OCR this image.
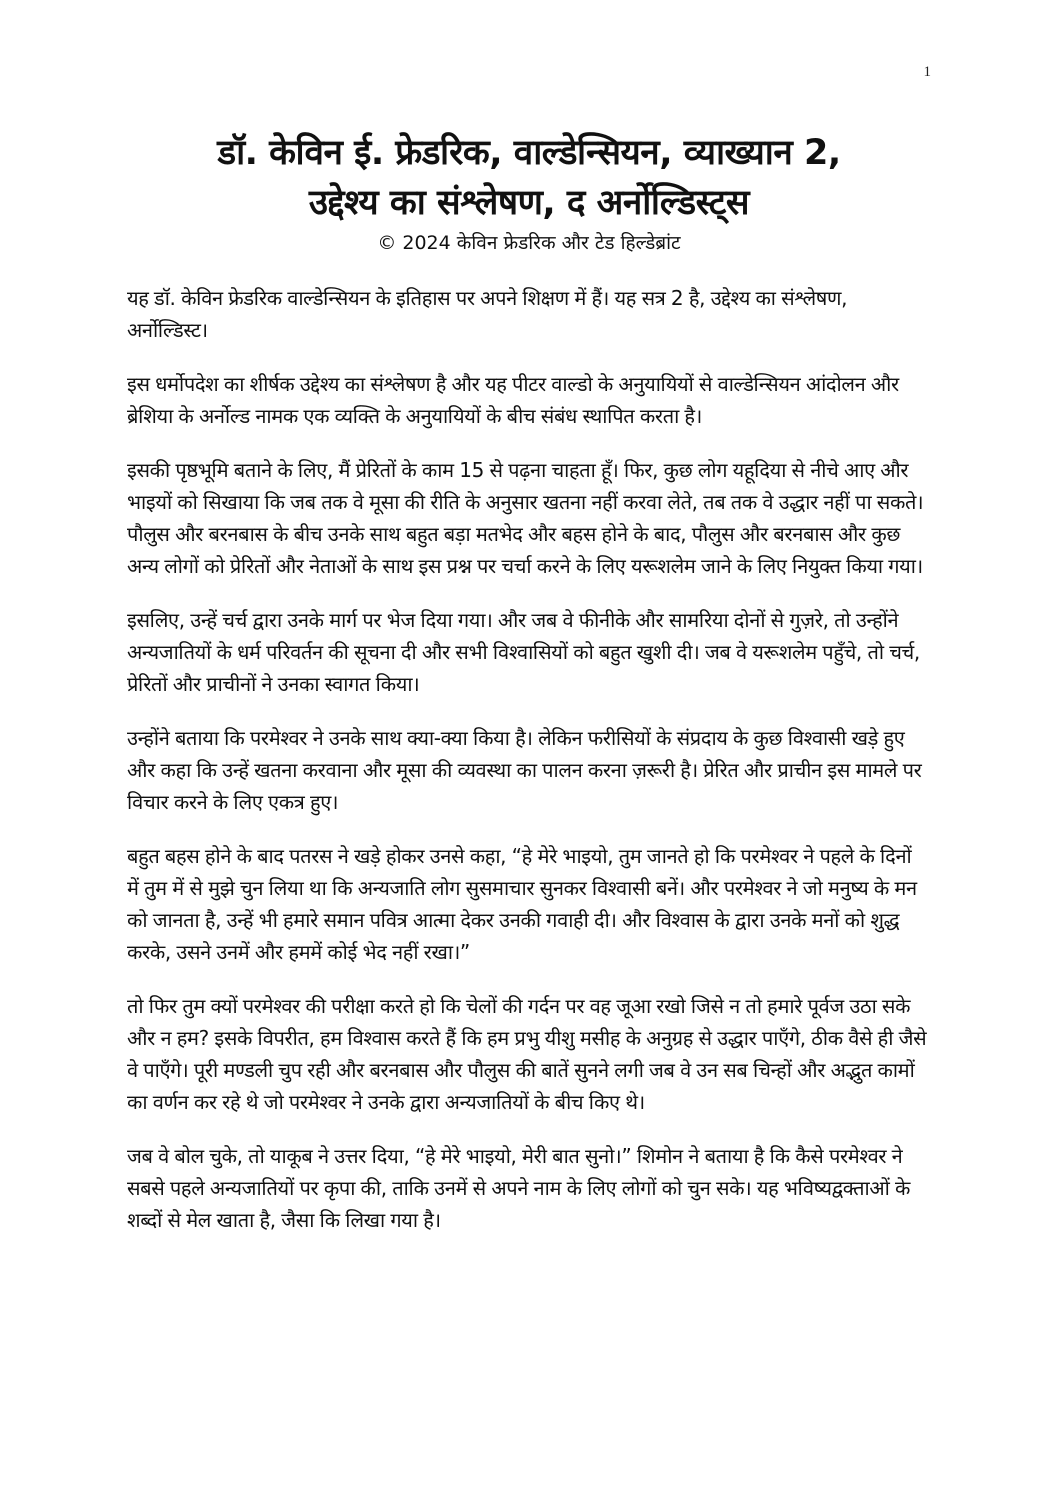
1
डॉ. केविन ई. फ्रेडरिक, वाल्डेन्सियन, व्याख्यान 2,
उद्देश्य का संश्लेषण, द अर्नोल्डिस्ट्स
© 2024 केविन फ्रेडरिक और टेड हिल्डेब्रांट

यह डॉ. केविन फ्रेडरिक वाल्डेन्सियन के इतिहास पर अपने शिक्षण में हैं। यह सत्र 2 है, उद्देश्य का संश्लेषण, अर्नोल्डिस्ट।

इस धर्मोपदेश का शीर्षक उद्देश्य का संश्लेषण है और यह पीटर वाल्डो के अनुयायियों से वाल्डेन्सियन आंदोलन और ब्रेशिया के अर्नोल्ड नामक एक व्यक्ति के अनुयायियों के बीच संबंध स्थापित करता है।

इसकी पृष्ठभूमि बताने के लिए, मैं प्रेरितों के काम 15 से पढ़ना चाहता हूँ। फिर, कुछ लोग यहूदिया से नीचे आए और भाइयों को सिखाया कि जब तक वे मूसा की रीति के अनुसार खतना नहीं करवा लेते, तब तक वे उद्धार नहीं पा सकते। पौलुस और बरनबास के बीच उनके साथ बहुत बड़ा मतभेद और बहस होने के बाद, पौलुस और बरनबास और कुछ अन्य लोगों को प्रेरितों और नेताओं के साथ इस प्रश्न पर चर्चा करने के लिए यरूशलेम जाने के लिए नियुक्त किया गया।

इसलिए, उन्हें चर्च द्वारा उनके मार्ग पर भेज दिया गया। और जब वे फीनीके और सामरिया दोनों से गुज़रे, तो उन्होंने अन्यजातियों के धर्म परिवर्तन की सूचना दी और सभी विश्वासियों को बहुत खुशी दी। जब वे यरूशलेम पहुँचे, तो चर्च, प्रेरितों और प्राचीनों ने उनका स्वागत किया।

उन्होंने बताया कि परमेश्वर ने उनके साथ क्या-क्या किया है। लेकिन फरीसियों के संप्रदाय के कुछ विश्वासी खड़े हुए और कहा कि उन्हें खतना करवाना और मूसा की व्यवस्था का पालन करना ज़रूरी है। प्रेरित और प्राचीन इस मामले पर विचार करने के लिए एकत्र हुए।

बहुत बहस होने के बाद पतरस ने खड़े होकर उनसे कहा, “हे मेरे भाइयो, तुम जानते हो कि परमेश्वर ने पहले के दिनों में तुम में से मुझे चुन लिया था कि अन्यजाति लोग सुसमाचार सुनकर विश्वासी बनें। और परमेश्वर ने जो मनुष्य के मन को जानता है, उन्हें भी हमारे समान पवित्र आत्मा देकर उनकी गवाही दी। और विश्वास के द्वारा उनके मनों को शुद्ध करके, उसने उनमें और हममें कोई भेद नहीं रखा।”

तो फिर तुम क्यों परमेश्वर की परीक्षा करते हो कि चेलों की गर्दन पर वह जूआ रखो जिसे न तो हमारे पूर्वज उठा सके और न हम? इसके विपरीत, हम विश्वास करते हैं कि हम प्रभु यीशु मसीह के अनुग्रह से उद्धार पाएँगे, ठीक वैसे ही जैसे वे पाएँगे। पूरी मण्डली चुप रही और बरनबास और पौलुस की बातें सुनने लगी जब वे उन सब चिन्हों और अद्भुत कामों का वर्णन कर रहे थे जो परमेश्वर ने उनके द्वारा अन्यजातियों के बीच किए थे।

जब वे बोल चुके, तो याकूब ने उत्तर दिया, “हे मेरे भाइयो, मेरी बात सुनो।” शिमोन ने बताया है कि कैसे परमेश्वर ने सबसे पहले अन्यजातियों पर कृपा की, ताकि उनमें से अपने नाम के लिए लोगों को चुन सके। यह भविष्यद्वक्ताओं के शब्दों से मेल खाता है, जैसा कि लिखा गया है।
